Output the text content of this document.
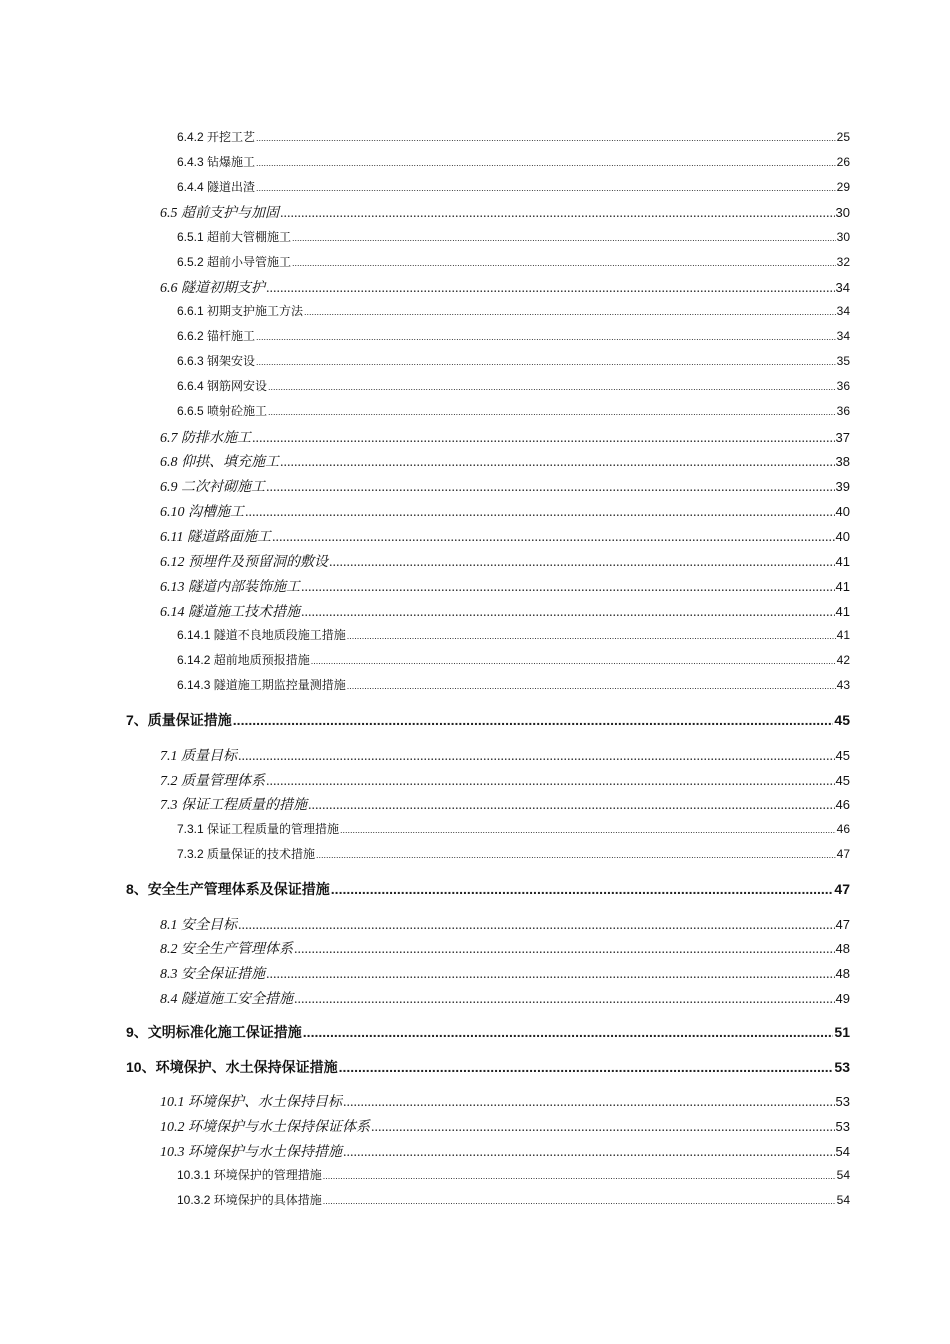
6.4.2 开挖工艺 .....	25
6.4.3 钻爆施工 .....	26
6.4.4 隧道出渣 .....	29
6.5 超前支护与加固 .....	30
6.5.1 超前大管棚施工 .....	30
6.5.2 超前小导管施工 .....	32
6.6 隧道初期支护 .....	34
6.6.1 初期支护施工方法 .....	34
6.6.2 锚杆施工 .....	34
6.6.3 钢架安设 .....	35
6.6.4 钢筋网安设 .....	36
6.6.5 喷射砼施工 .....	36
6.7 防排水施工 .....	37
6.8 仰拱、填充施工 .....	38
6.9 二次衬砌施工 .....	39
6.10 沟槽施工 .....	40
6.11 隧道路面施工 .....	40
6.12 预埋件及预留洞的敷设 .....	41
6.13 隧道内部装饰施工 .....	41
6.14 隧道施工技术措施 .....	41
6.14.1 隧道不良地质段施工措施 .....	41
6.14.2 超前地质预报措施 .....	42
6.14.3 隧道施工期监控量测措施 .....	43
7、质量保证措施 .....	45
7.1 质量目标 .....	45
7.2 质量管理体系 .....	45
7.3 保证工程质量的措施 .....	46
7.3.1 保证工程质量的管理措施 .....	46
7.3.2 质量保证的技术措施 .....	47
8、安全生产管理体系及保证措施 .....	47
8.1 安全目标 .....	47
8.2 安全生产管理体系 .....	48
8.3 安全保证措施 .....	48
8.4 隧道施工安全措施 .....	49
9、文明标准化施工保证措施 .....	51
10、环境保护、水土保持保证措施 .....	53
10.1 环境保护、水土保持目标 .....	53
10.2 环境保护与水土保持保证体系 .....	53
10.3 环境保护与水土保持措施 .....	54
10.3.1 环境保护的管理措施 .....	54
10.3.2 环境保护的具体措施 .....	54
